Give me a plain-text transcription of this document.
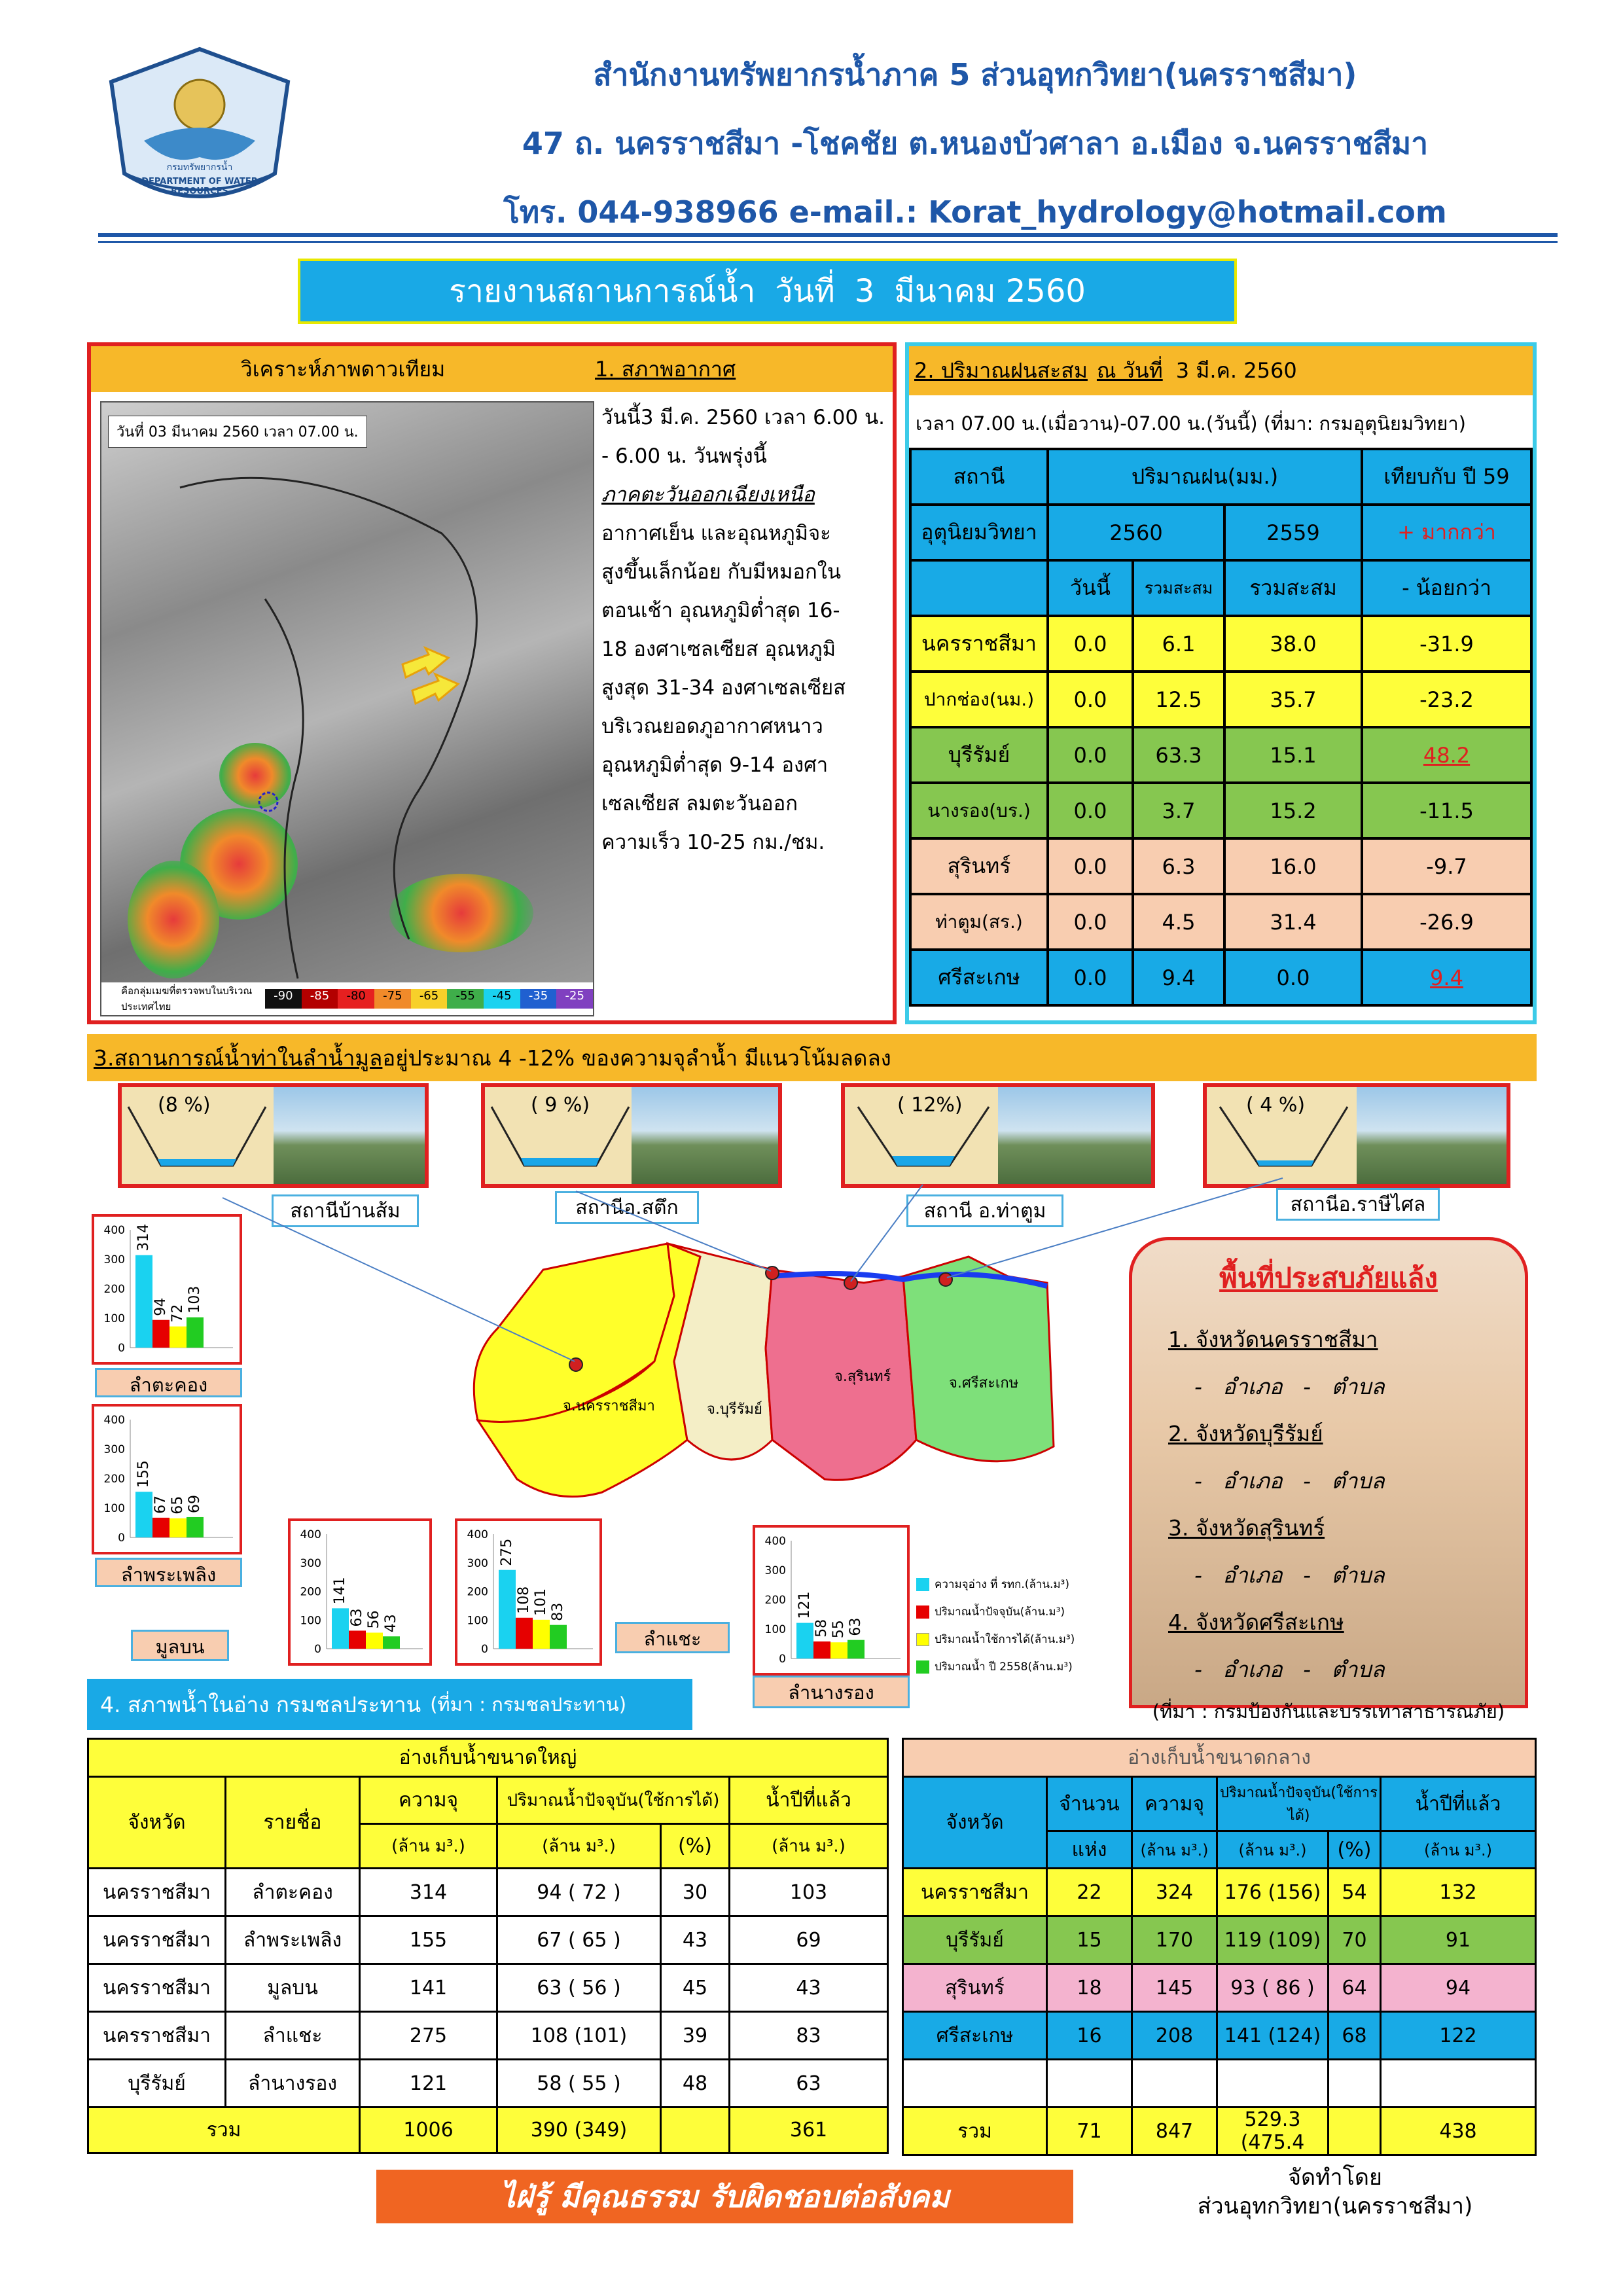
DEPARTMENT OF WATER RESOURCES
กรมทรัพยากรน้ำ
สำนักงานทรัพยากรน้ำภาค 5 ส่วนอุทกวิทยา(นครราชสีมา)
47 ถ. นครราชสีมา -โชคชัย ต.หนองบัวศาลา อ.เมือง จ.นครราชสีมา
โทร. 044-938966 e-mail.: Korat_hydrology@hotmail.com
รายงานสถานการณ์น้ำ วันที่ 3 มีนาคม 2560
วิเคราะห์ภาพดาวเทียม	1. สภาพอากาศ
วันที่ 03 มีนาคม 2560 เวลา 07.00 น.
คือกลุ่มเมฆที่ตรวจพบในบริเวณประเทศไทย
-90	-85	-80	-75	-65	-55	-45	-35	-25
วันนี้3 มี.ค. 2560 เวลา 6.00 น.
- 6.00 น. วันพรุ่งนี้
ภาคตะวันออกเฉียงเหนือ
อากาศเย็น และอุณหภูมิจะ
สูงขึ้นเล็กน้อย กับมีหมอกใน
ตอนเช้า อุณหภูมิต่ำสุด 16-
18 องศาเซลเซียส อุณหภูมิ
สูงสุด 31-34 องศาเซลเซียส
บริเวณยอดภูอากาศหนาว
อุณหภูมิต่ำสุด 9-14 องศา
เซลเซียส ลมตะวันออก
ความเร็ว 10-25 กม./ชม.
2. ปริมาณฝนสะสม ณ วันที่ 3 มี.ค. 2560
เวลา 07.00 น.(เมื่อวาน)-07.00 น.(วันนี้) (ที่มา: กรมอุตุนิยมวิทยา)
สถานี	ปริมาณฝน(มม.)			เทียบกับ ปี 59
อุตุนิยมวิทยา	2560		2559	+ มากกว่า
	วันนี้	รวมสะสม	รวมสะสม	- น้อยกว่า
นครราชสีมา	0.0	6.1	38.0	-31.9
ปากช่อง(นม.)	0.0	12.5	35.7	-23.2
บุรีรัมย์	0.0	63.3	15.1	48.2
นางรอง(บร.)	0.0	3.7	15.2	-11.5
สุรินทร์	0.0	6.3	16.0	-9.7
ท่าตูม(สร.)	0.0	4.5	31.4	-26.9
ศรีสะเกษ	0.0	9.4	0.0	9.4
3.สถานการณ์น้ำท่าในลำน้ำมูล อยู่ประมาณ 4 -12% ของความจุลำน้ำ มีแนวโน้มลดลง
(8 %)
สถานีบ้านส้ม
( 9 %)
สถานีอ.สตึก
( 12%)
สถานี อ.ท่าตูม
( 4 %)
สถานีอ.ราษีไศล
จ.นครราชสีมา	จ.บุรีรัมย์
จ.สุรินทร์	จ.ศรีสะเกษ
0
100
200
300
400 314
94 72 103
ลำตะคอง
0
100
200
300
400
155
67 65 69
ลำพระเพลิง
0
100
200
300
400
141
63 56 43
มูลบน	0
100
200
300
400
275
108 101 83
ลำแชะ
0
100
200
300
400
121
58 55 63
ลำนางรอง
ความจุอ่าง ที่ รทก.(ล้าน.ม³)
ปริมาณน้ำปัจจุบัน(ล้าน.ม³)
ปริมาณน้ำใช้การได้(ล้าน.ม³)
ปริมาณน้ำ ปี 2558(ล้าน.ม³)
พื้นที่ประสบภัยแล้ง
1. จังหวัดนครราชสีมา
- อำเภอ - ตำบล
2. จังหวัดบุรีรัมย์
- อำเภอ - ตำบล
3. จังหวัดสุรินทร์
- อำเภอ - ตำบล
4. จังหวัดศรีสะเกษ
- อำเภอ - ตำบล
(ที่มา : กรมป้องกันและบรรเทาสาธารณภัย)
4. สภาพน้ำในอ่าง กรมชลประทาน (ที่มา : กรมชลประทาน)
อ่างเก็บน้ำขนาดใหญ่					
จังหวัด	รายชื่อ	ความจุ	ปริมาณน้ำปัจจุบัน(ใช้การได้)		น้ำปีที่แล้ว
		(ล้าน ม³.)	(ล้าน ม³.)	(%)	(ล้าน ม³.)
นครราชสีมา	ลำตะคอง	314	94 ( 72 )	30	103
นครราชสีมา	ลำพระเพลิง	155	67 ( 65 )	43	69
นครราชสีมา	มูลบน	141	63 ( 56 )	45	43
นครราชสีมา	ลำแชะ	275	108 (101)	39	83
บุรีรัมย์	ลำนางรอง	121	58 ( 55 )	48	63
รวม		1006	390 (349)		361
อ่างเก็บน้ำขนาดกลาง					
จังหวัด	จำนวน	ความจุ	ปริมาณน้ำปัจจุบัน(ใช้การได้)		น้ำปีที่แล้ว
	แห่ง	(ล้าน ม³.)	(ล้าน ม³.)	(%)	(ล้าน ม³.)
นครราชสีมา	22	324	176 (156)	54	132
บุรีรัมย์	15	170	119 (109)	70	91
สุรินทร์	18	145	93 ( 86 )	64	94
ศรีสะเกษ	16	208	141 (124)	68	122

รวม	71	847	529.3 (475.4		438
ไฝ่รู้ มีคุณธรรม รับผิดชอบต่อสังคม
จัดทำโดย
ส่วนอุทกวิทยา(นครราชสีมา)
